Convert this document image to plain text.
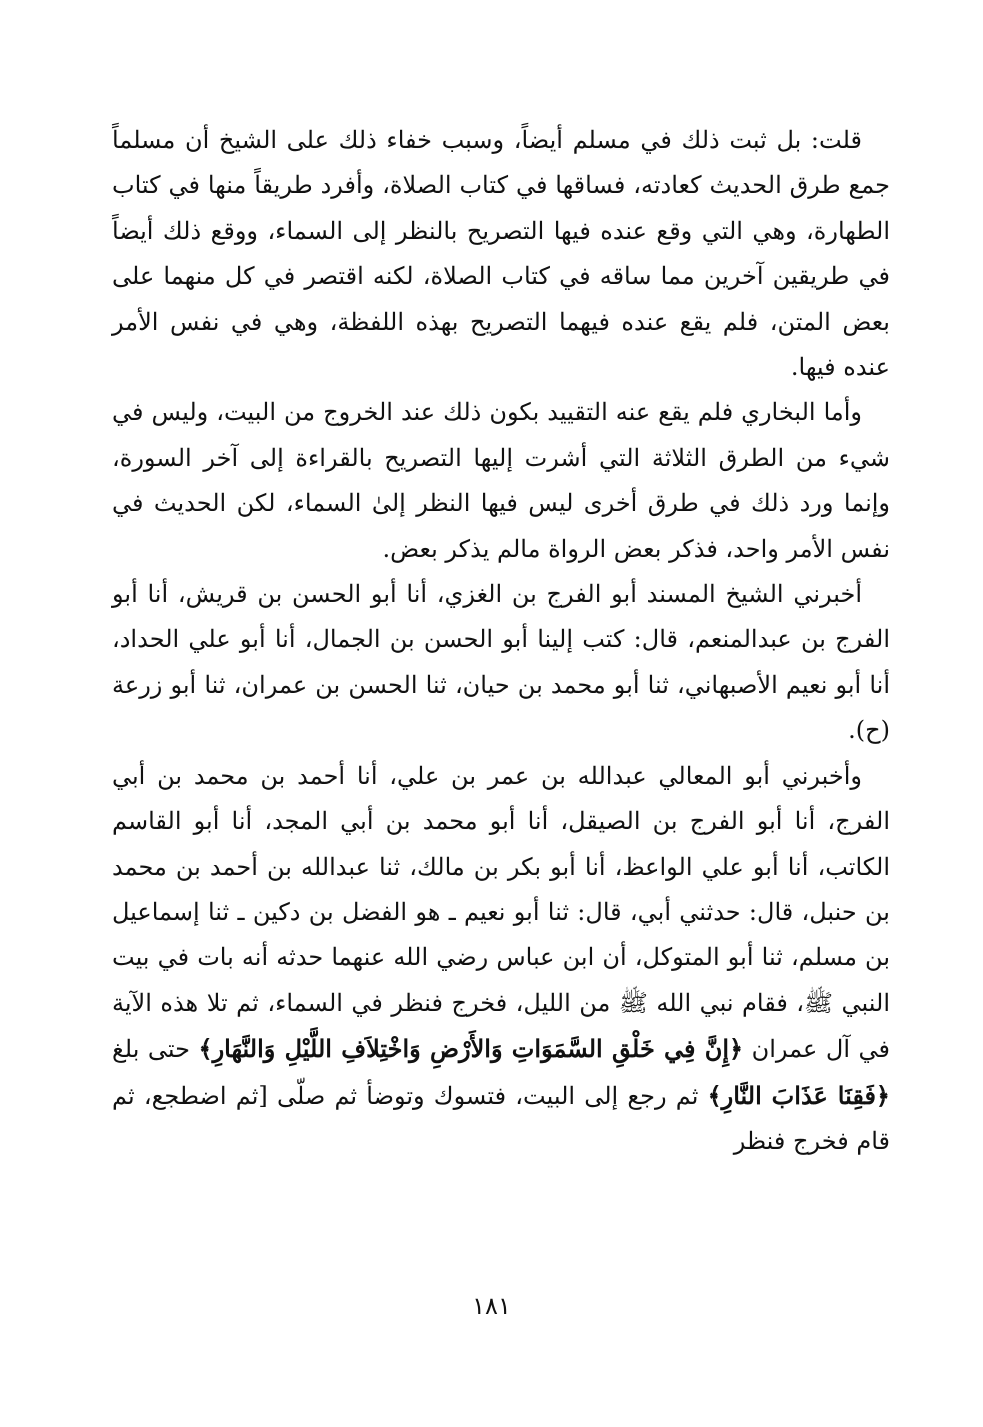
قلت: بل ثبت ذلك في مسلم أيضاً، وسبب خفاء ذلك على الشيخ أن مسلماً جمع طرق الحديث كعادته، فساقها في كتاب الصلاة، وأفرد طريقاً منها في كتاب الطهارة، وهي التي وقع عنده فيها التصريح بالنظر إلى السماء، ووقع ذلك أيضاً في طريقين آخرين مما ساقه في كتاب الصلاة، لكنه اقتصر في كل منهما على بعض المتن، فلم يقع عنده فيهما التصريح بهذه اللفظة، وهي في نفس الأمر عنده فيها.

وأما البخاري فلم يقع عنه التقييد بكون ذلك عند الخروج من البيت، وليس في شيء من الطرق الثلاثة التي أشرت إليها التصريح بالقراءة إلى آخر السورة، وإنما ورد ذلك في طرق أخرى ليس فيها النظر إلىٰ السماء، لكن الحديث في نفس الأمر واحد، فذكر بعض الرواة مالم يذكر بعض.

أخبرني الشيخ المسند أبو الفرج بن الغزي، أنا أبو الحسن بن قريش، أنا أبو الفرج بن عبدالمنعم، قال: كتب إلينا أبو الحسن بن الجمال، أنا أبو علي الحداد، أنا أبو نعيم الأصبهاني، ثنا أبو محمد بن حيان، ثنا الحسن بن عمران، ثنا أبو زرعة (ح).

وأخبرني أبو المعالي عبدالله بن عمر بن علي، أنا أحمد بن محمد بن أبي الفرج، أنا أبو الفرج بن الصيقل، أنا أبو محمد بن أبي المجد، أنا أبو القاسم الكاتب، أنا أبو علي الواعظ، أنا أبو بكر بن مالك، ثنا عبدالله بن أحمد بن محمد بن حنبل، قال: حدثني أبي، قال: ثنا أبو نعيم ـ هو الفضل بن دكين ـ ثنا إسماعيل بن مسلم، ثنا أبو المتوكل، أن ابن عباس رضي الله عنهما حدثه أنه بات في بيت النبي ﷺ، فقام نبي الله ﷺ من الليل، فخرج فنظر في السماء، ثم تلا هذه الآية في آل عمران ﴿إِنَّ فِي خَلْقِ السَّمَوَاتِ وَالأَرْضِ وَاخْتِلاَفِ اللَّيْلِ وَالنَّهَارِ﴾ حتى بلغ ﴿فَقِنَا عَذَابَ النَّارِ﴾ ثم رجع إلى البيت، فتسوك وتوضأ ثم صلّى [ثم اضطجع، ثم قام فخرج فنظر

١٨١
